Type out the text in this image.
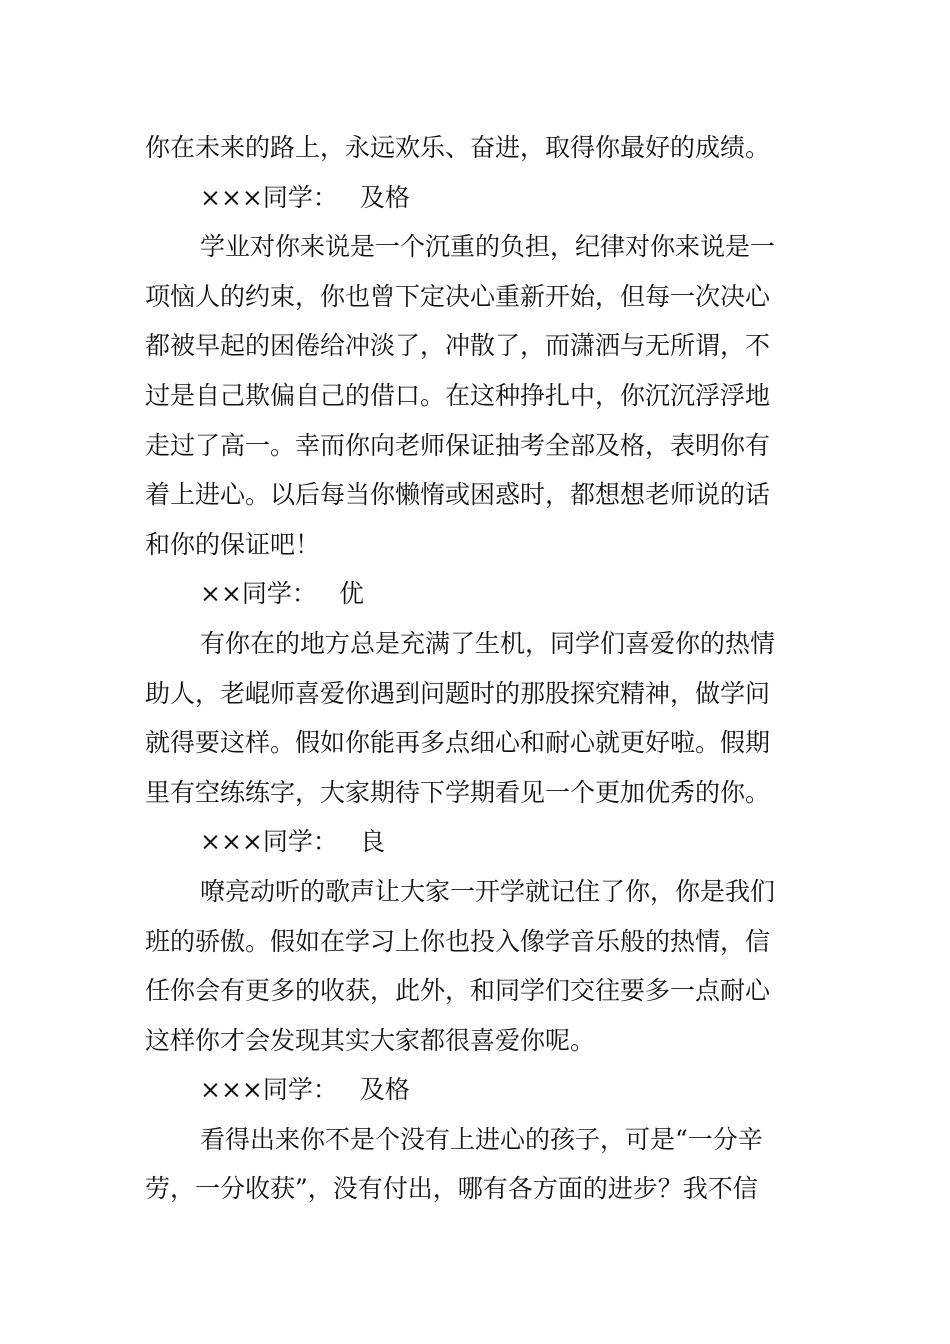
你在未来的路上，永远欢乐、奋进，取得你最好的成绩。
×××同学： 及格
学业对你来说是一个沉重的负担，纪律对你来说是一
项恼人的约束，你也曾下定决心重新开始，但每一次决心
都被早起的困倦给冲淡了，冲散了，而潇洒与无所谓，不
过是自己欺偏自己的借口。在这种挣扎中，你沉沉浮浮地
走过了高一。幸而你向老师保证抽考全部及格，表明你有
着上进心。以后每当你懒惰或困惑时，都想想老师说的话
和你的保证吧！
××同学： 优
有你在的地方总是充满了生机，同学们喜爱你的热情
助人，老崐师喜爱你遇到问题时的那股探究精神，做学问
就得要这样。假如你能再多点细心和耐心就更好啦。假期
里有空练练字，大家期待下学期看见一个更加优秀的你。
×××同学： 良
嘹亮动听的歌声让大家一开学就记住了你，你是我们
班的骄傲。假如在学习上你也投入像学音乐般的热情，信
任你会有更多的收获，此外，和同学们交往要多一点耐心
这样你才会发现其实大家都很喜爱你呢。
×××同学： 及格
看得出来你不是个没有上进心的孩子，可是“一分辛
劳，一分收获”，没有付出，哪有各方面的进步？我不信
